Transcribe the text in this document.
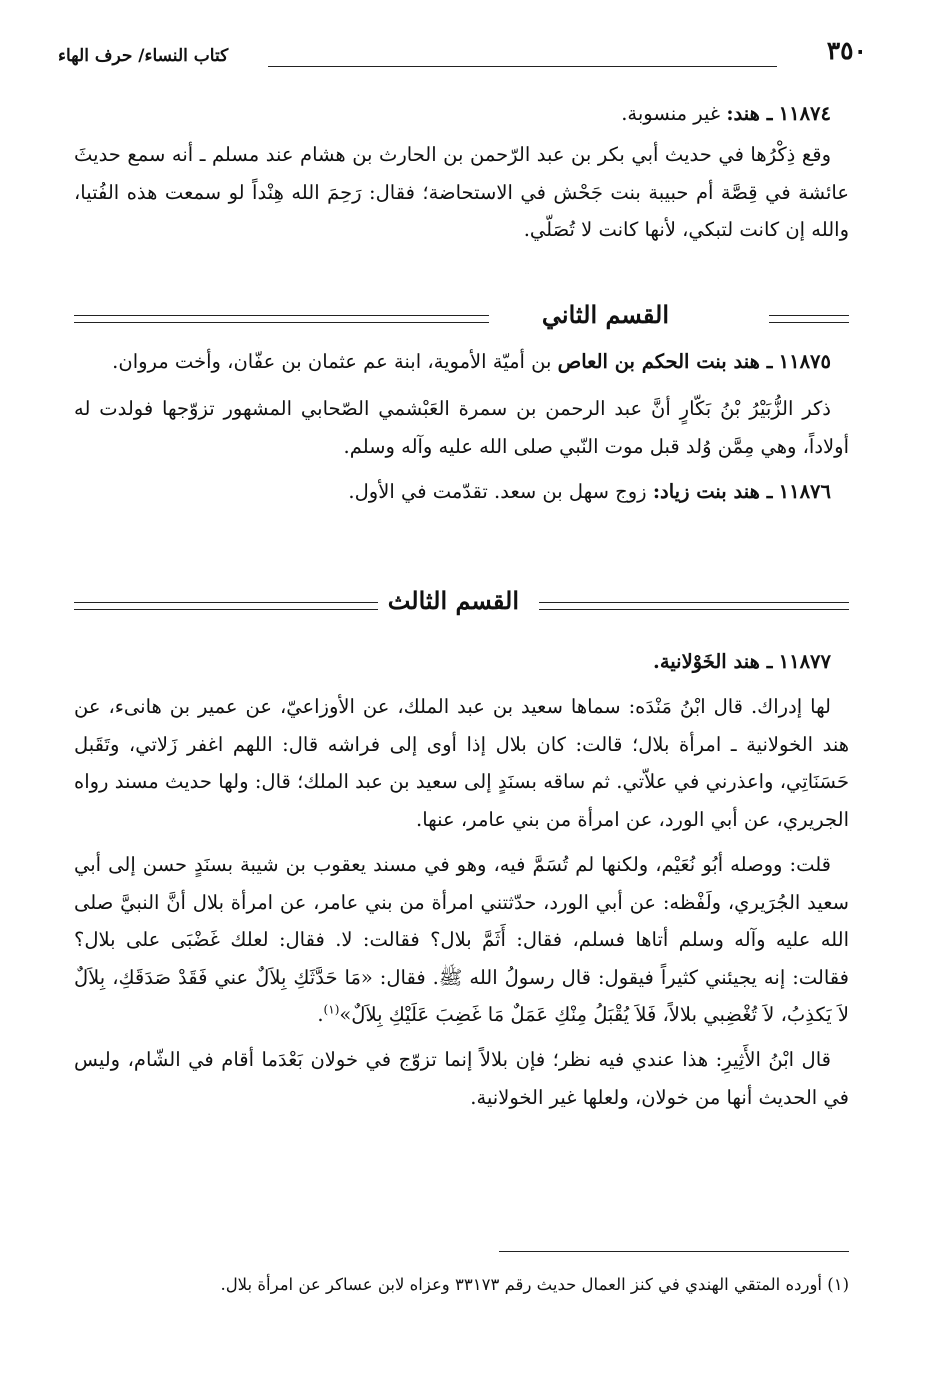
٣٥٠
كتاب النساء/ حرف الهاء

١١٨٧٤ ـ هند: غير منسوبة.

وقع ذِكْرُها في حديث أبي بكر بن عبد الرّحمن بن الحارث بن هشام عند مسلم ـ أنه سمع حديثَ عائشة في قِصَّة أم حبيبة بنت جَحْش في الاستحاضة؛ فقال: رَحِمَ الله هِنْداً لو سمعت هذه الفُتيا، والله إن كانت لتبكي، لأنها كانت لا تُصَلّي.

القسم الثاني

١١٨٧٥ ـ هند بنت الحكم بن العاص بن أميّة الأموية، ابنة عم عثمان بن عفّان، وأخت مروان.

ذكر الزُّبَيْرُ بْنُ بَكّارٍ أنَّ عبد الرحمن بن سمرة العَبْشمي الصّحابي المشهور تزوّجها فولدت له أولاداً، وهي مِمَّن وُلد قبل موت النّبي صلى الله عليه وآله وسلم.

١١٨٧٦ ـ هند بنت زياد: زوج سهل بن سعد. تقدّمت في الأول.

القسم الثالث

١١٨٧٧ ـ هند الخَوْلانية.

لها إدراك. قال ابْنُ مَنْدَه: سماها سعيد بن عبد الملك، عن الأوزاعيّ، عن عمير بن هانىء، عن هند الخولانية ـ امرأة بلال؛ قالت: كان بلال إذا أوى إلى فراشه قال: اللهم اغفر زَلاتي، وتَقَبل حَسَنَاتِي، واعذرني في علاّتي. ثم ساقه بسنَدٍ إلى سعيد بن عبد الملك؛ قال: ولها حديث مسند رواه الجريري، عن أبي الورد، عن امرأة من بني عامر، عنها.

قلت: ووصله أبُو نُعَيْم، ولكنها لم تُسَمَّ فيه، وهو في مسند يعقوب بن شيبة بسنَدٍ حسن إلى أبي سعيد الجُرَيري، ولَفْظه: عن أبي الورد، حدّثتني امرأة من بني عامر، عن امرأة بلال أنَّ النبيَّ صلى الله عليه وآله وسلم أتاها فسلم، فقال: أَثَمَّ بلال؟ فقالت: لا. فقال: لعلك غَضْبَى على بلال؟ فقالت: إنه يجيئني كثيراً فيقول: قال رسولُ الله ﷺ. فقال: «مَا حَدَّثَكِ بِلاَلٌ عني فَقَدْ صَدَقَكِ، بِلاَلٌ لاَ يَكذِبُ، لاَ تُغْضِبي بلالاً، فَلاَ يُقْبَلُ مِنْكِ عَمَلٌ مَا غَضِبَ عَلَيْكِ بِلاَلٌ»$^{(١)}$.

قال ابْنُ الأَثِيرِ: هذا عندي فيه نظر؛ فإن بلالاً إنما تزوّج في خولان بَعْدَما أقام في الشّام، وليس في الحديث أنها من خولان، ولعلها غير الخولانية.

(١) أورده المتقي الهندي في كنز العمال حديث رقم ٣٣١٧٣ وعزاه لابن عساكر عن امرأة بلال.
